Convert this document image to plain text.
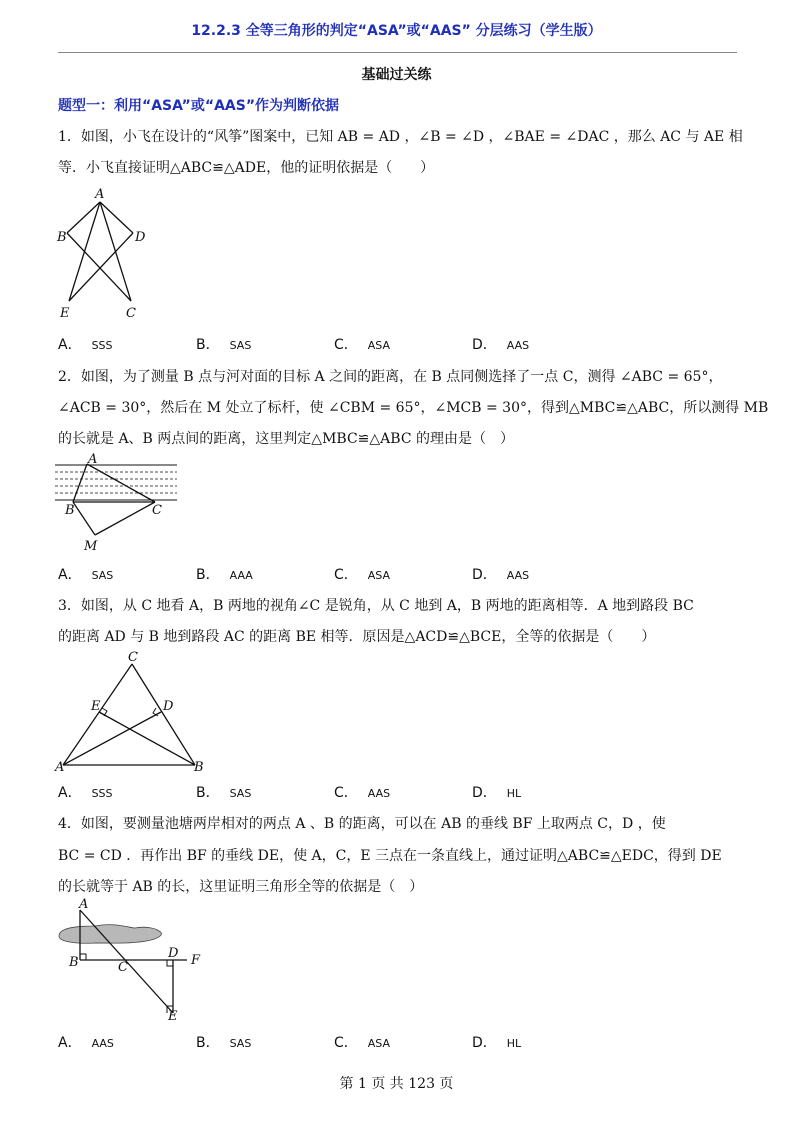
12.2.3 全等三角形的判定“ASA”或“AAS” 分层练习（学生版）
基础过关练
题型一：利用“ASA”或“AAS”作为判断依据
1．如图，小飞在设计的“风筝”图案中，已知 AB = AD ，∠B = ∠D ，∠BAE = ∠DAC ，那么 AC 与 AE 相
等．小飞直接证明△ABC≌△ADE，他的证明依据是（　　）
A
B	D
E	C
A． SSS	B． SAS	C． ASA	D． AAS
2．如图，为了测量 B 点与河对面的目标 A 之间的距离，在 B 点同侧选择了一点 C，测得 ∠ABC = 65°，
∠ACB = 30°，然后在 M 处立了标杆，使 ∠CBM = 65°，∠MCB = 30°，得到△MBC≌△ABC，所以测得 MB
的长就是 A、B 两点间的距离，这里判定△MBC≌△ABC 的理由是（　）
A
B	C
M
A． SAS	B． AAA	C． ASA	D． AAS
3．如图，从 C 地看 A，B 两地的视角∠C 是锐角，从 C 地到 A，B 两地的距离相等．A 地到路段 BC
的距离 AD 与 B 地到路段 AC 的距离 BE 相等．原因是△ACD≌△BCE，全等的依据是（　　）
C
E	D
A	B
A． SSS	B． SAS	C． AAS	D． HL
4．如图，要测量池塘两岸相对的两点 A 、B 的距离，可以在 AB 的垂线 BF 上取两点 C，D ，使
BC = CD ．再作出 BF 的垂线 DE，使 A，C，E 三点在一条直线上，通过证明△ABC≌△EDC，得到 DE
的长就等于 AB 的长，这里证明三角形全等的依据是（　）
A
B	C
D F
E
A． AAS	B． SAS	C． ASA	D． HL
第 1 页 共 123 页
